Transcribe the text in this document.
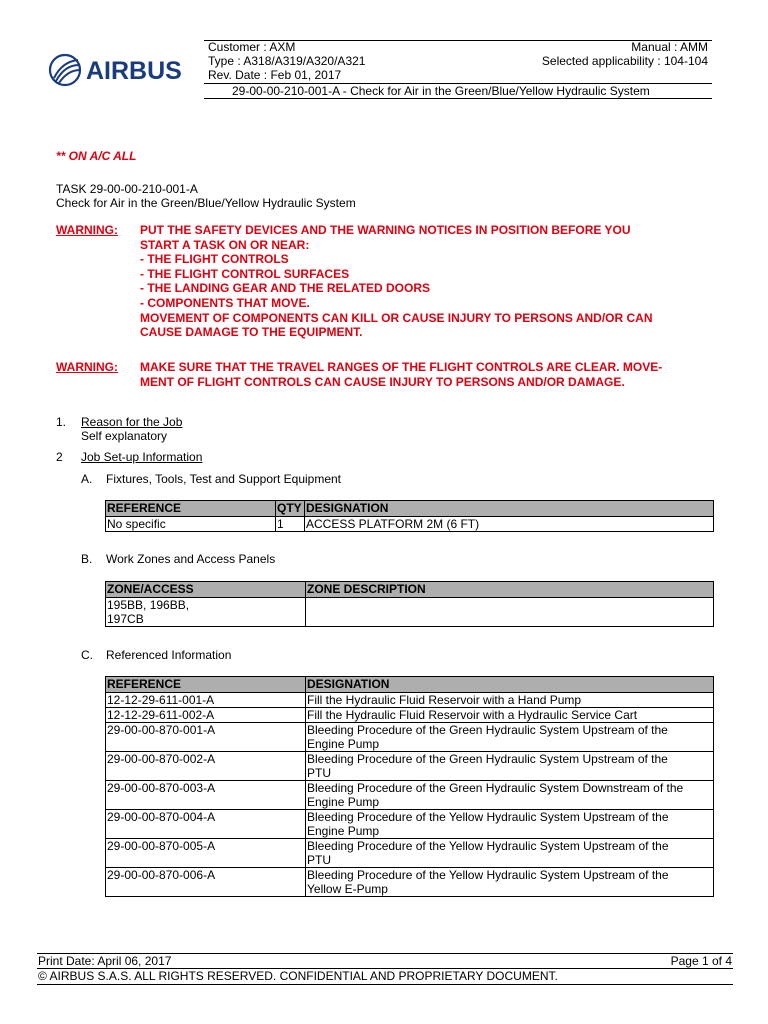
AIRBUS
Customer : AXM	Manual : AMM
Type : A318/A319/A320/A321	Selected applicability : 104-104
Rev. Date : Feb 01, 2017
29-00-00-210-001-A - Check for Air in the Green/Blue/Yellow Hydraulic System
** ON A/C ALL
TASK 29-00-00-210-001-A
Check for Air in the Green/Blue/Yellow Hydraulic System
WARNING: PUT THE SAFETY DEVICES AND THE WARNING NOTICES IN POSITION BEFORE YOU
START A TASK ON OR NEAR:
- THE FLIGHT CONTROLS
- THE FLIGHT CONTROL SURFACES
- THE LANDING GEAR AND THE RELATED DOORS
- COMPONENTS THAT MOVE.
MOVEMENT OF COMPONENTS CAN KILL OR CAUSE INJURY TO PERSONS AND/OR CAN
CAUSE DAMAGE TO THE EQUIPMENT.
WARNING: MAKE SURE THAT THE TRAVEL RANGES OF THE FLIGHT CONTROLS ARE CLEAR. MOVE-
MENT OF FLIGHT CONTROLS CAN CAUSE INJURY TO PERSONS AND/OR DAMAGE.
1. Reason for the Job
Self explanatory
2 Job Set-up Information
A. Fixtures, Tools, Test and Support Equipment
REFERENCE	QTY	DESIGNATION
No specific	1	ACCESS PLATFORM 2M (6 FT)
B. Work Zones and Access Panels
ZONE/ACCESS	ZONE DESCRIPTION

195BB, 196BB,
197CB	

C. Referenced Information
REFERENCE	DESIGNATION
12-12-29-611-001-A	Fill the Hydraulic Fluid Reservoir with a Hand Pump

12-12-29-611-002-A	Fill the Hydraulic Fluid Reservoir with a Hydraulic Service Cart

29-00-00-870-001-A	Bleeding Procedure of the Green Hydraulic System Upstream of the
Engine Pump

29-00-00-870-002-A	Bleeding Procedure of the Green Hydraulic System Upstream of the
PTU

29-00-00-870-003-A	Bleeding Procedure of the Green Hydraulic System Downstream of the
Engine Pump

29-00-00-870-004-A	Bleeding Procedure of the Yellow Hydraulic System Upstream of the
Engine Pump

29-00-00-870-005-A	Bleeding Procedure of the Yellow Hydraulic System Upstream of the
PTU

29-00-00-870-006-A	Bleeding Procedure of the Yellow Hydraulic System Upstream of the
Yellow E-Pump
Print Date: April 06, 2017	Page 1 of 4
© AIRBUS S.A.S. ALL RIGHTS RESERVED. CONFIDENTIAL AND PROPRIETARY DOCUMENT.
